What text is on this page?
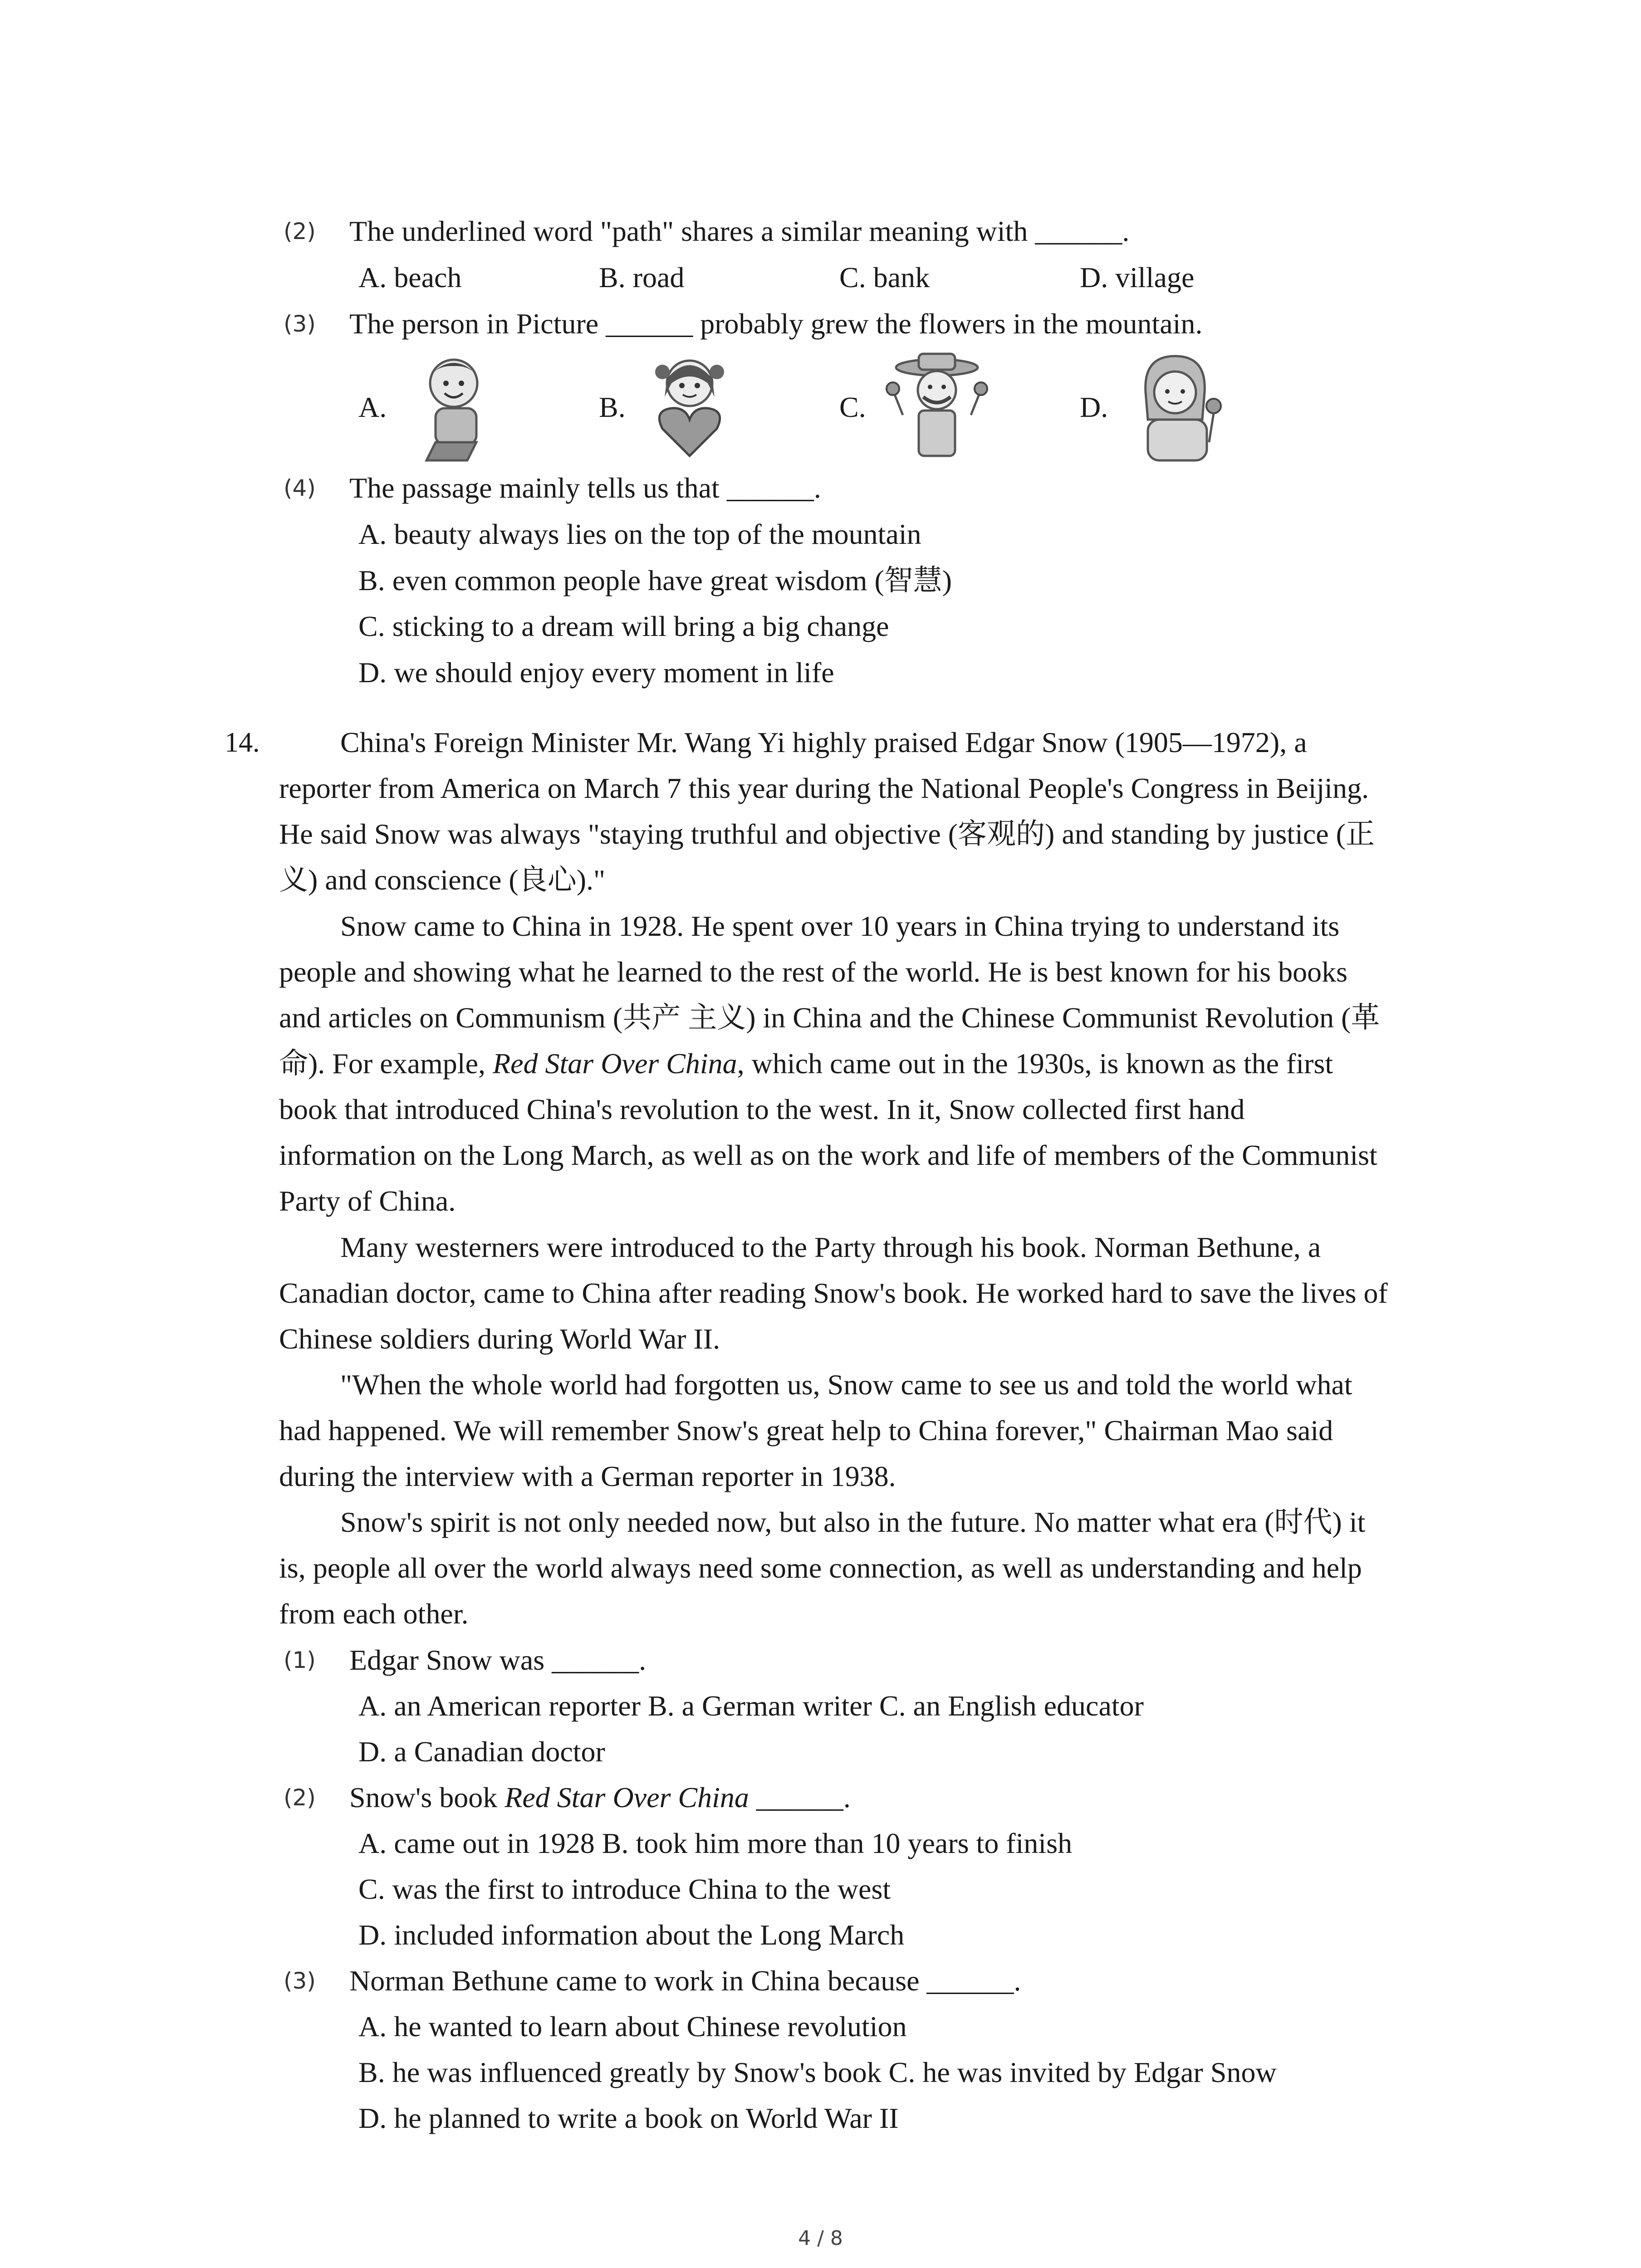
(2) The underlined word "path" shares a similar meaning with ______.
A. beach	B. road	C. bank	D. village
(3) The person in Picture ______ probably grew the flowers in the mountain.
A.	B.	C.	D.
(4) The passage mainly tells us that ______.
A. beauty always lies on the top of the mountain
B. even common people have great wisdom (智慧)
C. sticking to a dream will bring a big change
D. we should enjoy every moment in life
14.	China's Foreign Minister Mr. Wang Yi highly praised Edgar Snow (1905—1972), a
reporter from America on March 7 this year during the National People's Congress in Beijing.
He said Snow was always "staying truthful and objective (客观的) and standing by justice (正
义) and conscience (良心)."
Snow came to China in 1928. He spent over 10 years in China trying to understand its
people and showing what he learned to the rest of the world. He is best known for his books
and articles on Communism (共产 主义) in China and the Chinese Communist Revolution (革
命). For example, Red Star Over China, which came out in the 1930s, is known as the first
book that introduced China's revolution to the west. In it, Snow collected first hand
information on the Long March, as well as on the work and life of members of the Communist
Party of China.
Many westerners were introduced to the Party through his book. Norman Bethune, a
Canadian doctor, came to China after reading Snow's book. He worked hard to save the lives of
Chinese soldiers during World War II.
"When the whole world had forgotten us, Snow came to see us and told the world what
had happened. We will remember Snow's great help to China forever," Chairman Mao said
during the interview with a German reporter in 1938.
Snow's spirit is not only needed now, but also in the future. No matter what era (时代) it
is, people all over the world always need some connection, as well as understanding and help
from each other.
(1) Edgar Snow was ______.
A. an American reporter B. a German writer C. an English educator
D. a Canadian doctor
(2) Snow's book Red Star Over China ______.
A. came out in 1928 B. took him more than 10 years to finish
C. was the first to introduce China to the west
D. included information about the Long March
(3) Norman Bethune came to work in China because ______.
A. he wanted to learn about Chinese revolution
B. he was influenced greatly by Snow's book C. he was invited by Edgar Snow
D. he planned to write a book on World War II
4 / 8
